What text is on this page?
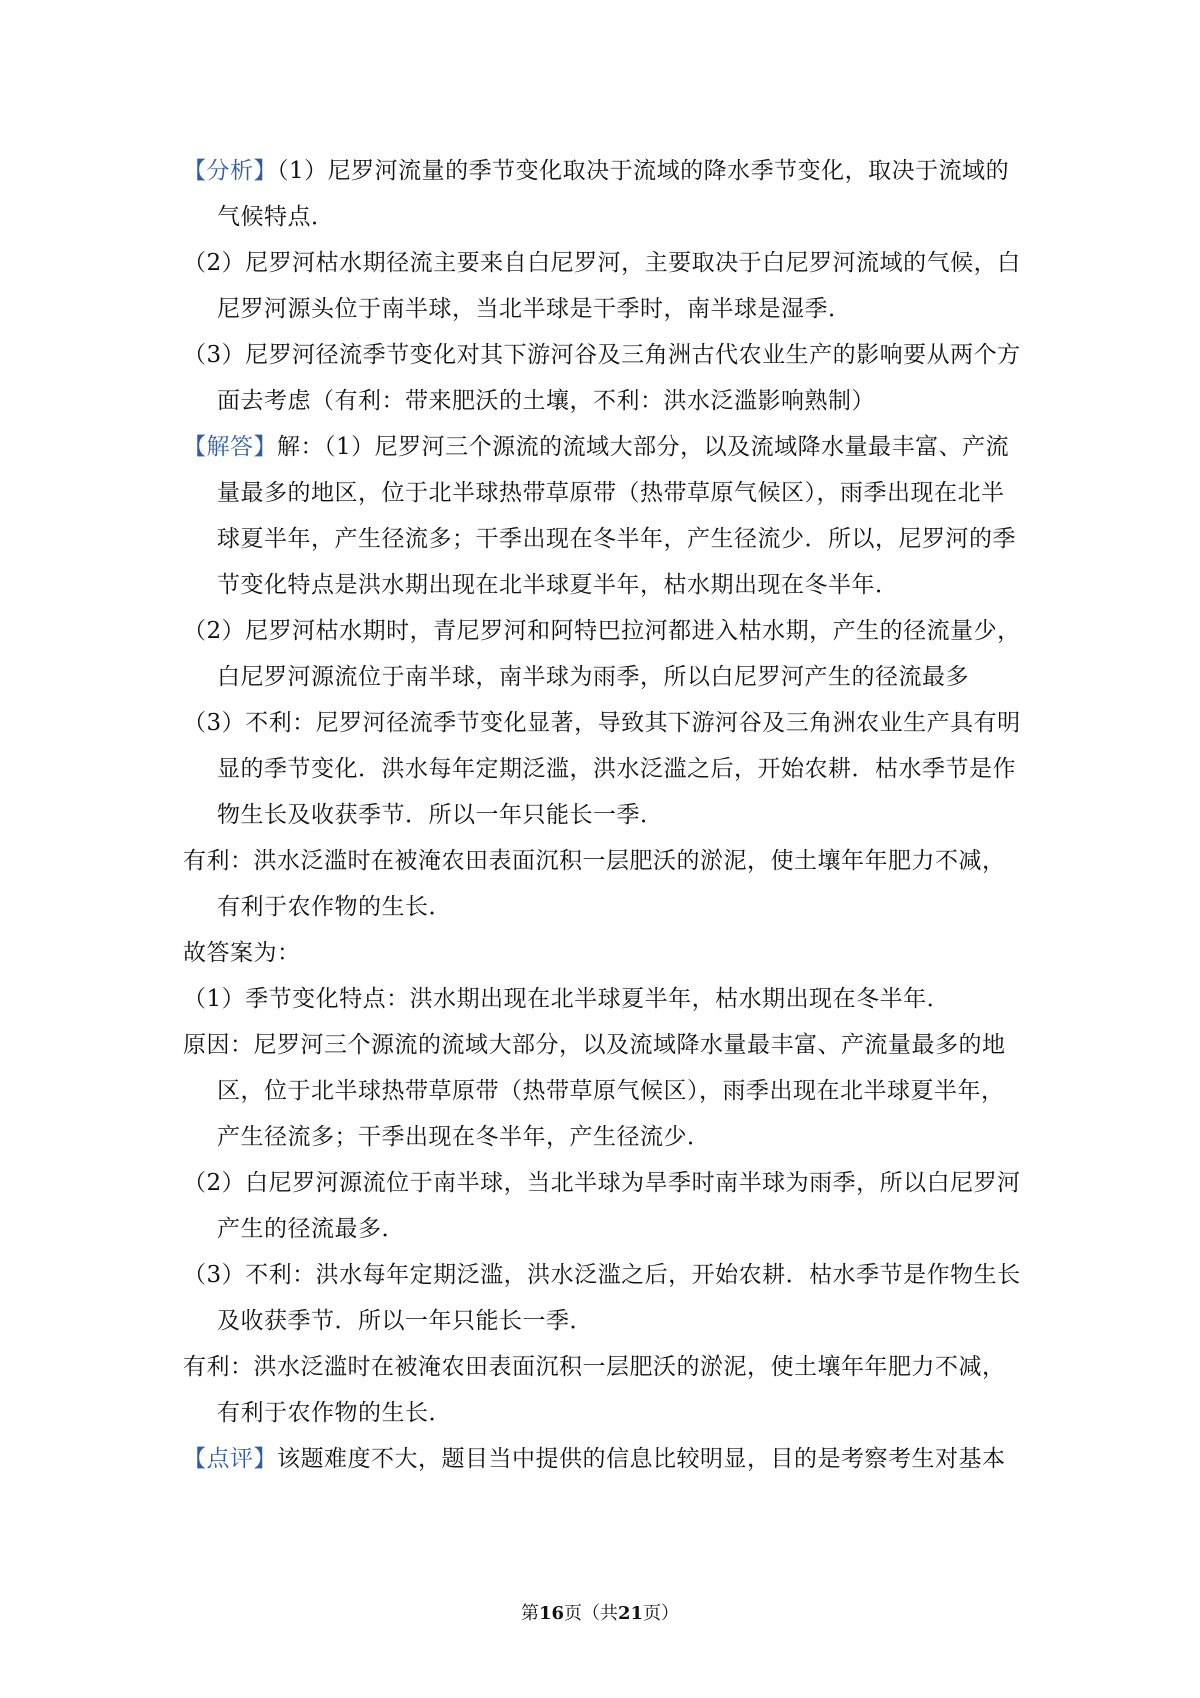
【分析】（1）尼罗河流量的季节变化取决于流域的降水季节变化，取决于流域的气候特点．

（2）尼罗河枯水期径流主要来自白尼罗河，主要取决于白尼罗河流域的气候，白尼罗河源头位于南半球，当北半球是干季时，南半球是湿季．

（3）尼罗河径流季节变化对其下游河谷及三角洲古代农业生产的影响要从两个方面去考虑（有利：带来肥沃的土壤，不利：洪水泛滥影响熟制）

【解答】解：（1）尼罗河三个源流的流域大部分，以及流域降水量最丰富、产流量最多的地区，位于北半球热带草原带（热带草原气候区），雨季出现在北半球夏半年，产生径流多；干季出现在冬半年，产生径流少．所以，尼罗河的季节变化特点是洪水期出现在北半球夏半年，枯水期出现在冬半年．

（2）尼罗河枯水期时，青尼罗河和阿特巴拉河都进入枯水期，产生的径流量少，白尼罗河源流位于南半球，南半球为雨季，所以白尼罗河产生的径流最多

（3）不利：尼罗河径流季节变化显著，导致其下游河谷及三角洲农业生产具有明显的季节变化．洪水每年定期泛滥，洪水泛滥之后，开始农耕．枯水季节是作物生长及收获季节．所以一年只能长一季．

有利：洪水泛滥时在被淹农田表面沉积一层肥沃的淤泥，使土壤年年肥力不减，有利于农作物的生长．

故答案为：

（1）季节变化特点：洪水期出现在北半球夏半年，枯水期出现在冬半年．

原因：尼罗河三个源流的流域大部分，以及流域降水量最丰富、产流量最多的地区，位于北半球热带草原带（热带草原气候区），雨季出现在北半球夏半年，产生径流多；干季出现在冬半年，产生径流少．

（2）白尼罗河源流位于南半球，当北半球为旱季时南半球为雨季，所以白尼罗河产生的径流最多．

（3）不利：洪水每年定期泛滥，洪水泛滥之后，开始农耕．枯水季节是作物生长及收获季节．所以一年只能长一季．

有利：洪水泛滥时在被淹农田表面沉积一层肥沃的淤泥，使土壤年年肥力不减，有利于农作物的生长．

【点评】该题难度不大，题目当中提供的信息比较明显，目的是考察考生对基本

第16页（共21页）
